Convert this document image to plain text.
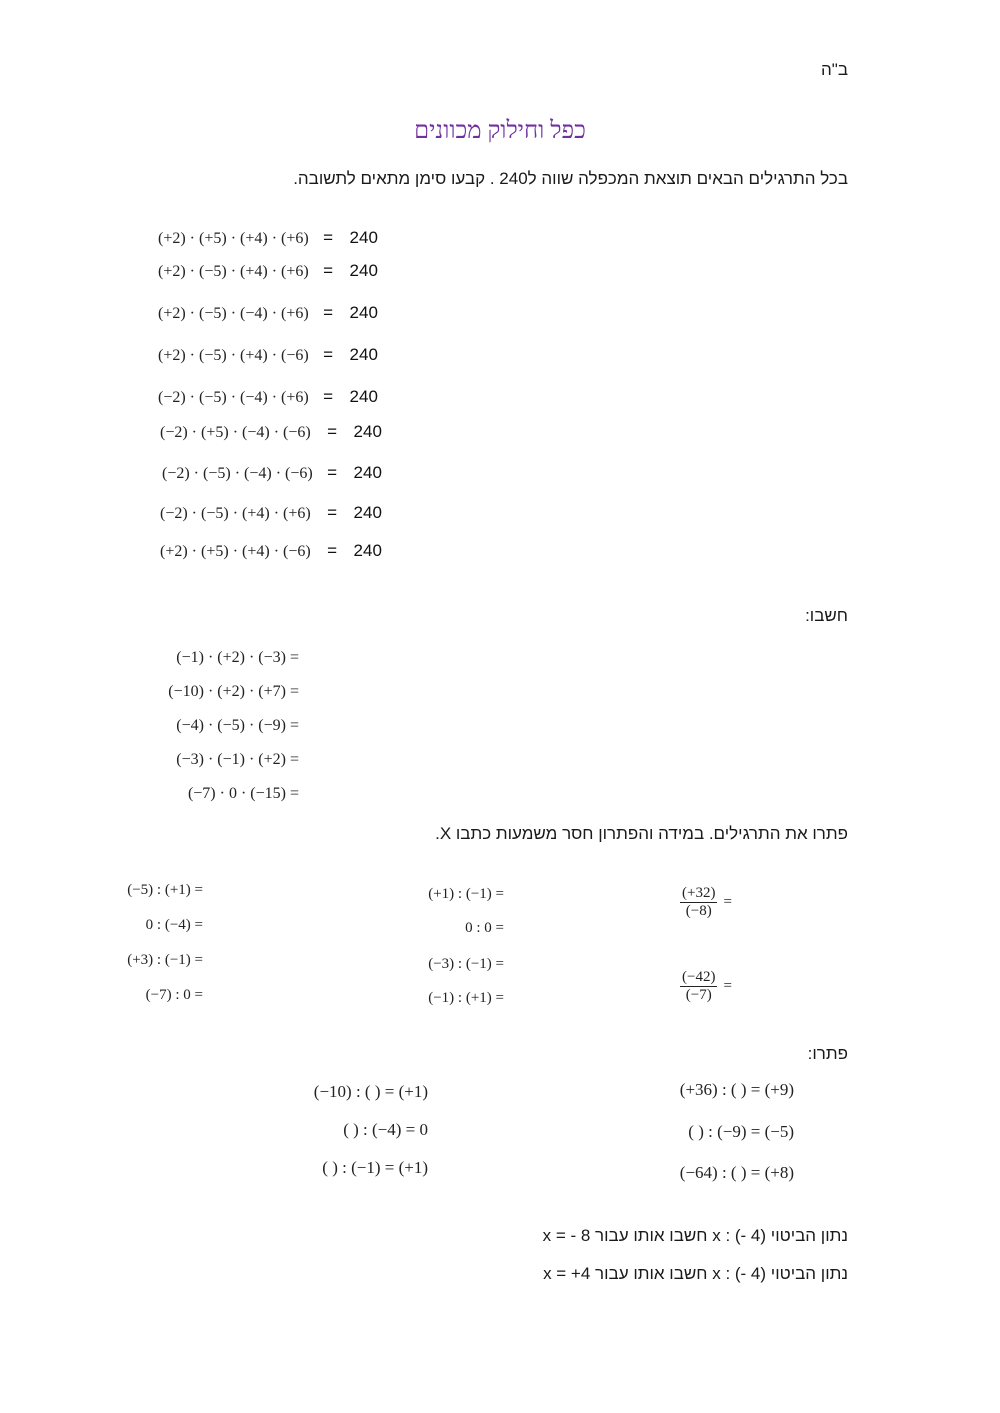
ב"ה
כפל וחילוק מכוונים
בכל התרגילים הבאים תוצאת המכפלה שווה ל240 . קבעו סימן מתאים לתשובה.
(+2) · (+5) · (+4) · (+6) = 240
(+2) · (−5) · (+4) · (+6) = 240
(+2) · (−5) · (−4) · (+6) = 240
(+2) · (−5) · (+4) · (−6) = 240
(−2) · (−5) · (−4) · (+6) = 240
(−2) · (+5) · (−4) · (−6) = 240
(−2) · (−5) · (−4) · (−6) = 240
(−2) · (−5) · (+4) · (+6) = 240
(+2) · (+5) · (+4) · (−6) = 240
חשבו:
(−1) · (+2) · (−3) =
(−10) · (+2) · (+7) =
(−4) · (−5) · (−9) =
(−3) · (−1) · (+2) =
(−7) · 0 · (−15) =
פתרו את התרגילים. במידה והפתרון חסר משמעות כתבו X.
(−5) : (+1) =
0 : (−4) =
(+3) : (−1) =
(−7) : 0 =
(+1) : (−1) =
0 : 0 =
(−3) : (−1) =
(−1) : (+1) =
$\frac{(+32)}{(-8)}$ =
$\frac{(-42)}{(-7)}$ =
פתרו:
(−10) : ( ) = (+1)
( ) : (−4) = 0
( ) : (−1) = (+1)
(+36) : ( ) = (+9)
( ) : (−9) = (−5)
(−64) : ( ) = (+8)
נתון הביטוי x : (- 4) חשבו אותו עבור x = - 8
נתון הביטוי x : (- 4) חשבו אותו עבור x = +4
